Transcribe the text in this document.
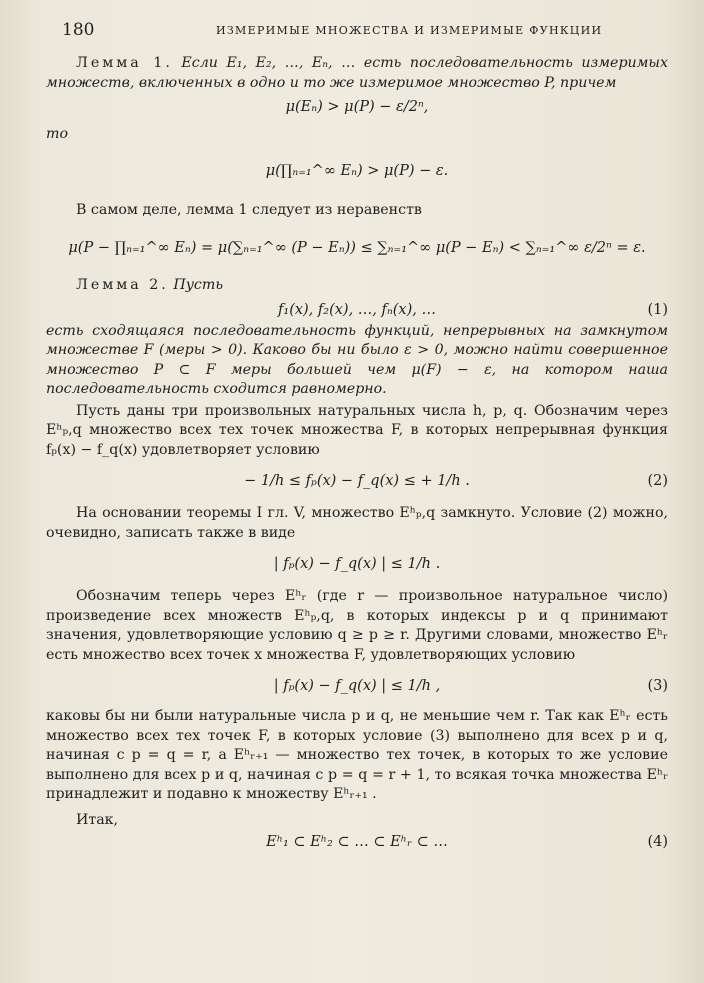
180	ИЗМЕРИМЫЕ МНОЖЕСТВА И ИЗМЕРИМЫЕ ФУНКЦИИ

Лемма 1. Если E₁, E₂, …, Eₙ, … есть последовательность измеримых множеств, включенных в одно и то же измеримое множество P, причем

μ(Eₙ) > μ(P) − ε/2ⁿ,

то

μ(∏ₙ₌₁^∞ Eₙ) > μ(P) − ε.

В самом деле, лемма 1 следует из неравенств

μ(P − ∏ₙ₌₁^∞ Eₙ) = μ(∑ₙ₌₁^∞ (P − Eₙ)) ≤ ∑ₙ₌₁^∞ μ(P − Eₙ) < ∑ₙ₌₁^∞ ε/2ⁿ = ε.

Лемма 2. Пусть

f₁(x), f₂(x), …, fₙ(x), …	(1)

есть сходящаяся последовательность функций, непрерывных на замкнутом множестве F (меры > 0). Каково бы ни было ε > 0, можно найти совершенное множество P ⊂ F меры большей чем μ(F) − ε, на котором наша последовательность сходится равномерно.

Пусть даны три произвольных натуральных числа h, p, q. Обозначим через Eʰₚ,q множество всех тех точек множества F, в которых непрерывная функция fₚ(x) − f_q(x) удовлетворяет условию

− 1/h ≤ fₚ(x) − f_q(x) ≤ + 1/h .	(2)

На основании теоремы I гл. V, множество Eʰₚ,q замкнуто. Условие (2) можно, очевидно, записать также в виде

| fₚ(x) − f_q(x) | ≤ 1/h .

Обозначим теперь через Eʰᵣ (где r — произвольное натуральное число) произведение всех множеств Eʰₚ,q, в которых индексы p и q принимают значения, удовлетворяющие условию q ≥ p ≥ r. Другими словами, множество Eʰᵣ есть множество всех точек x множества F, удовлетворяющих условию

| fₚ(x) − f_q(x) | ≤ 1/h ,	(3)

каковы бы ни были натуральные числа p и q, не меньшие чем r. Так как Eʰᵣ есть множество всех тех точек F, в которых условие (3) выполнено для всех p и q, начиная с p = q = r, а Eʰᵣ₊₁ — множество тех точек, в которых то же условие выполнено для всех p и q, начиная с p = q = r + 1, то всякая точка множества Eʰᵣ принадлежит и подавно к множеству Eʰᵣ₊₁ .

Итак,

Eʰ₁ ⊂ Eʰ₂ ⊂ … ⊂ Eʰᵣ ⊂ …	(4)
